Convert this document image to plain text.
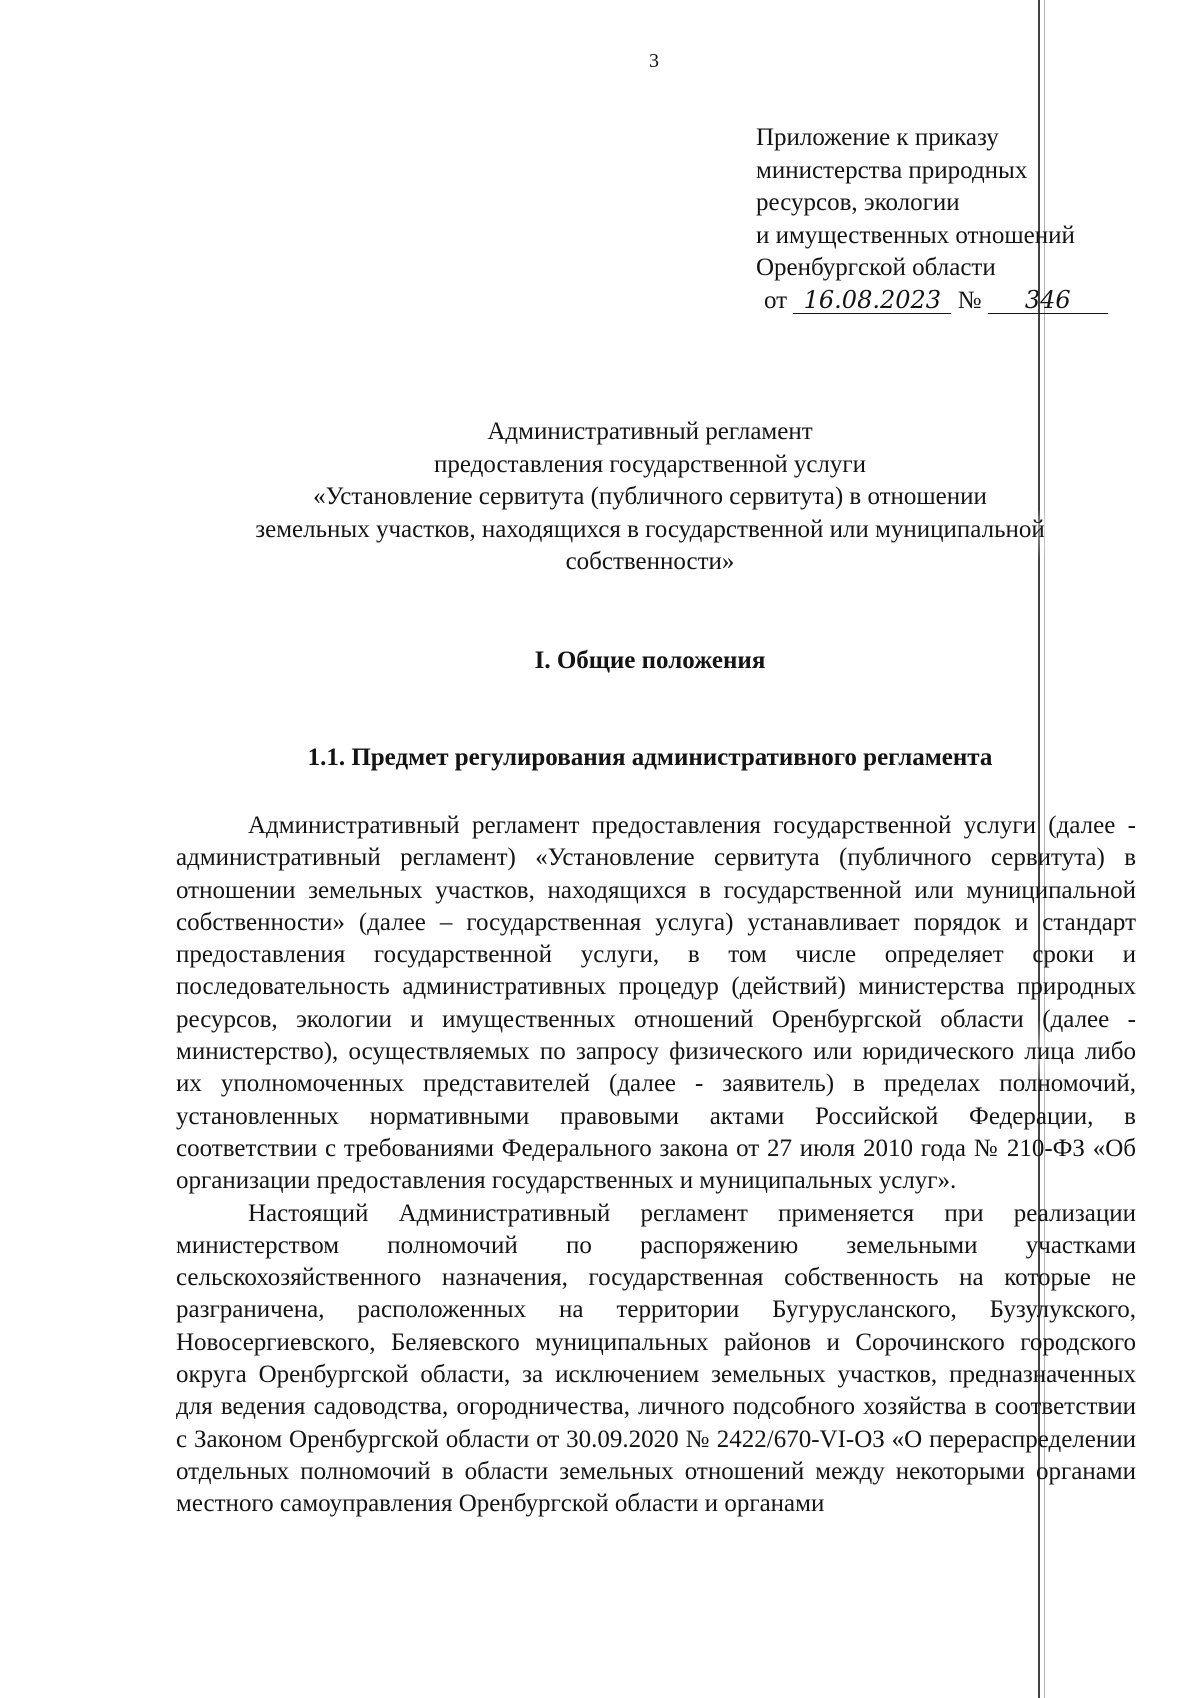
3
Приложение к приказу
министерства природных
ресурсов, экологии
и имущественных отношений
Оренбургской области
от 16.08.2023 № 346
Административный регламент
предоставления государственной услуги
«Установление сервитута (публичного сервитута) в отношении
земельных участков, находящихся в государственной или муниципальной
собственности»
I. Общие положения
1.1. Предмет регулирования административного регламента

Административный регламент предоставления государственной услуги (далее - административный регламент) «Установление сервитута (публичного сервитута) в отношении земельных участков, находящихся в государственной или муниципальной собственности» (далее – государственная услуга) устанавливает порядок и стандарт предоставления государственной услуги, в том числе определяет сроки и последовательность административных процедур (действий) министерства природных ресурсов, экологии и имущественных отношений Оренбургской области (далее - министерство), осуществляемых по запросу физического или юридического лица либо их уполномоченных представителей (далее - заявитель) в пределах полномочий, установленных нормативными правовыми актами Российской Федерации, в соответствии с требованиями Федерального закона от 27 июля 2010 года № 210-ФЗ «Об организации предоставления государственных и муниципальных услуг».

Настоящий Административный регламент применяется при реализации министерством полномочий по распоряжению земельными участками сельскохозяйственного назначения, государственная собственность на которые не разграничена, расположенных на территории Бугурусланского, Бузулукского, Новосергиевского, Беляевского муниципальных районов и Сорочинского городского округа Оренбургской области, за исключением земельных участков, предназначенных для ведения садоводства, огородничества, личного подсобного хозяйства в соответствии с Законом Оренбургской области от 30.09.2020 № 2422/670-VI-ОЗ «О перераспределении отдельных полномочий в области земельных отношений между некоторыми органами местного самоуправления Оренбургской области и органами
